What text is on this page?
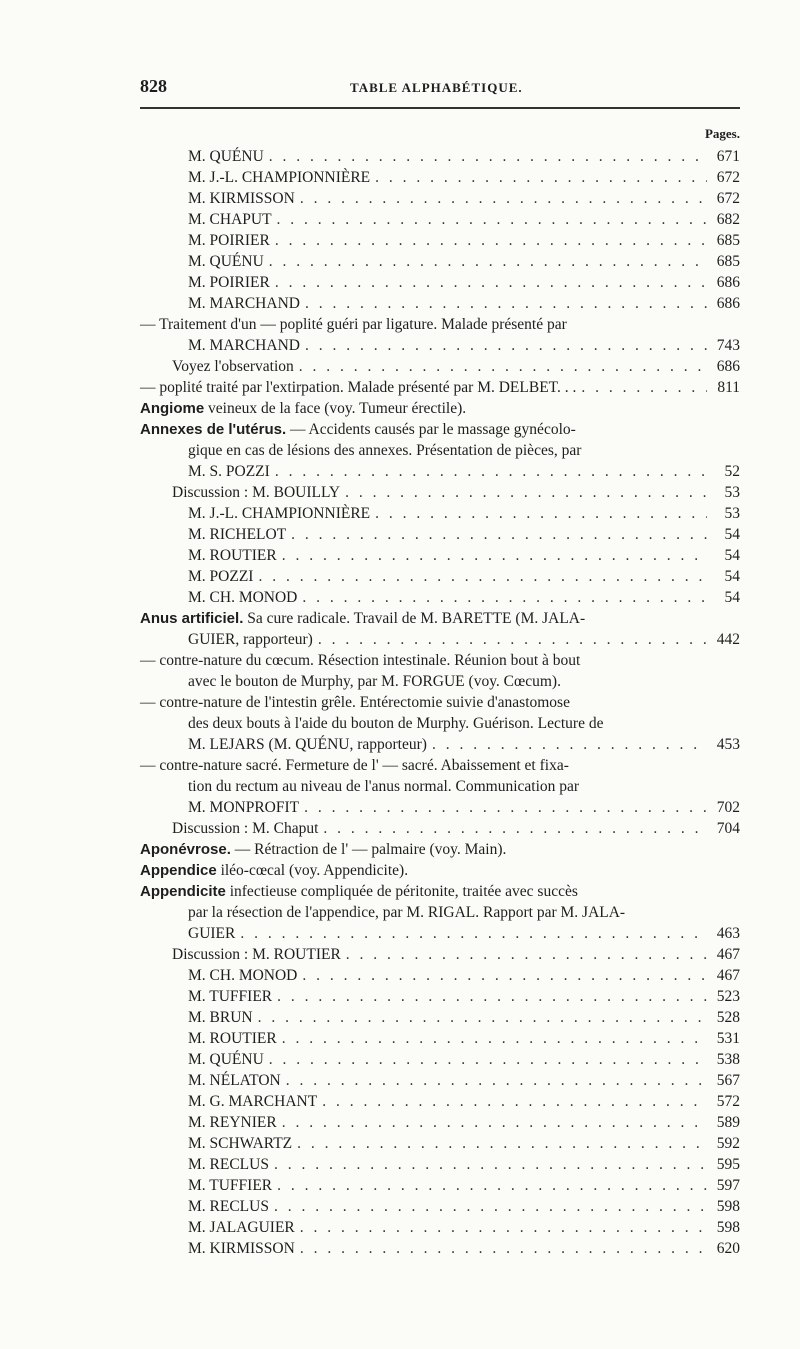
828	TABLE ALPHABÉTIQUE.
Pages.
M. QUÉNU . . .	671
M. J.-L. CHAMPIONNIÈRE . . .	672
M. KIRMISSON . . .	672
M. CHAPUT . . .	682
M. POIRIER . . .	685
M. QUÉNU . . .	685
M. POIRIER . . .	686
M. MARCHAND . . .	686
— Traitement d'un — poplité guéri par ligature. Malade présenté par
M. MARCHAND . . .	743
Voyez l'observation . . .	686
— poplité traité par l'extirpation. Malade présenté par M. DELBET. . . . . .	811
Angiome veineux de la face (voy. Tumeur érectile).
Annexes de l'utérus. — Accidents causés par le massage gynécolo-
gique en cas de lésions des annexes. Présentation de pièces, par
M. S. POZZI . . .	52
Discussion : M. BOUILLY . . .	53
M. J.-L. CHAMPIONNIÈRE . . .	53
M. RICHELOT . . .	54
M. ROUTIER . . .	54
M. POZZI . . .	54
M. CH. MONOD . . .	54
Anus artificiel. Sa cure radicale. Travail de M. BARETTE (M. JALA-
GUIER, rapporteur) . . .	442
— contre-nature du cœcum. Résection intestinale. Réunion bout à bout
avec le bouton de Murphy, par M. FORGUE (voy. Cœcum).
— contre-nature de l'intestin grêle. Entérectomie suivie d'anastomose
des deux bouts à l'aide du bouton de Murphy. Guérison. Lecture de
M. LEJARS (M. QUÉNU, rapporteur) . . .	453
— contre-nature sacré. Fermeture de l' — sacré. Abaissement et fixa-
tion du rectum au niveau de l'anus normal. Communication par
M. MONPROFIT . . .	702
Discussion : M. Chaput . . .	704
Aponévrose. — Rétraction de l' — palmaire (voy. Main).
Appendice iléo-cœcal (voy. Appendicite).
Appendicite infectieuse compliquée de péritonite, traitée avec succès
par la résection de l'appendice, par M. RIGAL. Rapport par M. JALA-
GUIER . . .	463
Discussion : M. ROUTIER . . .	467
M. CH. MONOD . . .	467
M. TUFFIER . . .	523
M. BRUN . . .	528
M. ROUTIER . . .	531
M. QUÉNU . . .	538
M. NÉLATON . . .	567
M. G. MARCHANT . . .	572
M. REYNIER . . .	589
M. SCHWARTZ . . .	592
M. RECLUS . . .	595
M. TUFFIER . . .	597
M. RECLUS . . .	598
M. JALAGUIER . . .	598
M. KIRMISSON . . .	620
